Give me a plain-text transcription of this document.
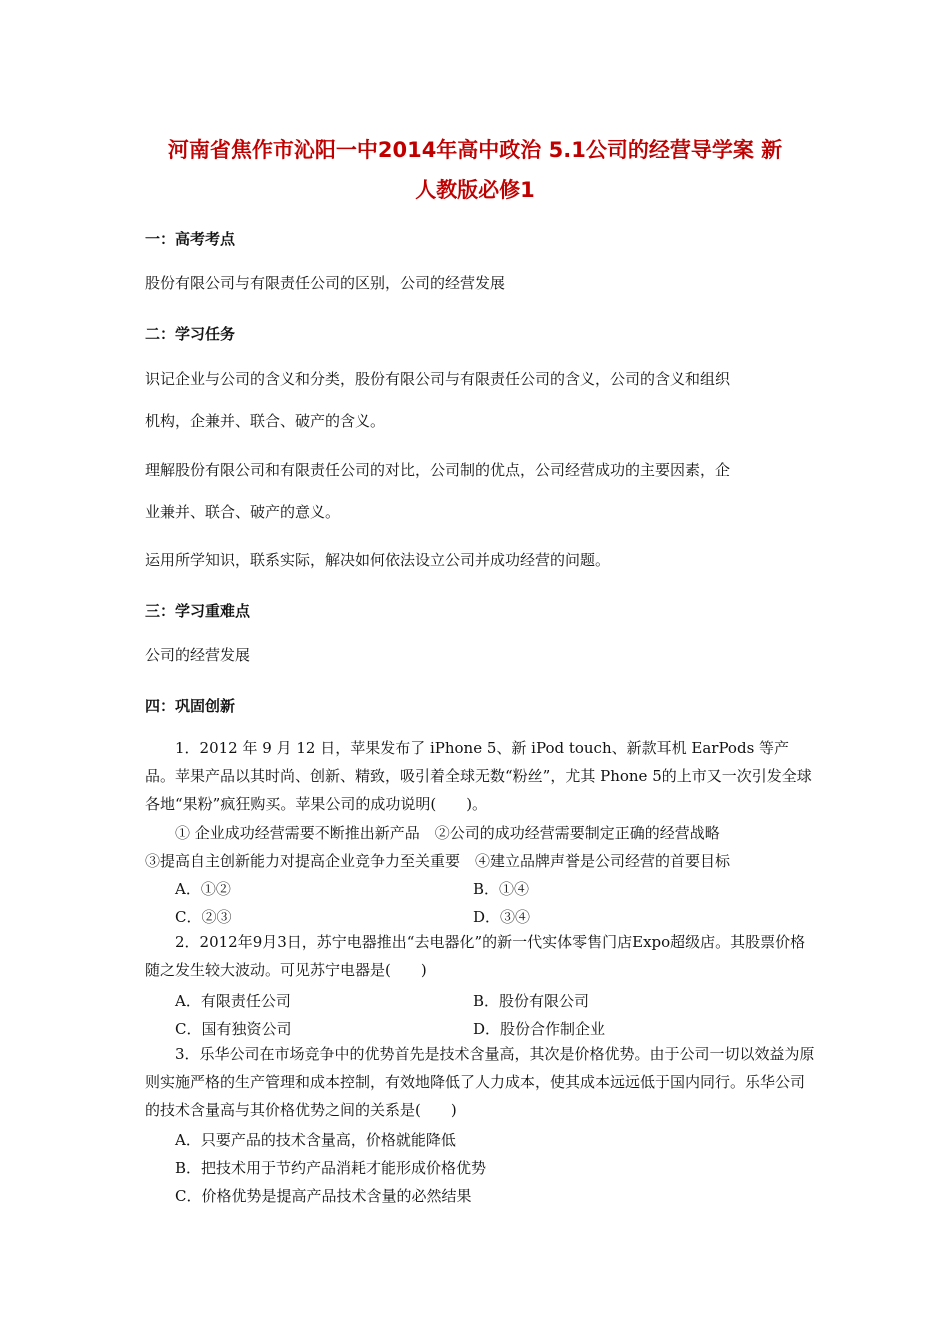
河南省焦作市沁阳一中2014年高中政治 5.1公司的经营导学案 新
人教版必修1
一：高考考点
股份有限公司与有限责任公司的区别，公司的经营发展
二：学习任务
识记企业与公司的含义和分类，股份有限公司与有限责任公司的含义，公司的含义和组织
机构，企兼并、联合、破产的含义。
理解股份有限公司和有限责任公司的对比，公司制的优点，公司经营成功的主要因素，企
业兼并、联合、破产的意义。
运用所学知识，联系实际，解决如何依法设立公司并成功经营的问题。
三：学习重难点
公司的经营发展
四：巩固创新
1．2012 年 9 月 12 日，苹果发布了 iPhone 5、新 iPod touch、新款耳机 EarPods 等产品。苹果产品以其时尚、创新、精致，吸引着全球无数“粉丝”，尤其 Phone 5的上市又一次引发全球各地“果粉”疯狂购买。苹果公司的成功说明(　　)。
① 企业成功经营需要不断推出新产品　②公司的成功经营需要制定正确的经营战略
③提高自主创新能力对提高企业竞争力至关重要　④建立品牌声誉是公司经营的首要目标
A．①②	B．①④
C．②③	D．③④
2．2012年9月3日，苏宁电器推出“去电器化”的新一代实体零售门店Expo超级店。其股票价格随之发生较大波动。可见苏宁电器是(　　)
A．有限责任公司	B．股份有限公司
C．国有独资公司	D．股份合作制企业
3．乐华公司在市场竞争中的优势首先是技术含量高，其次是价格优势。由于公司一切以效益为原则实施严格的生产管理和成本控制，有效地降低了人力成本，使其成本远远低于国内同行。乐华公司的技术含量高与其价格优势之间的关系是(　　)
A．只要产品的技术含量高，价格就能降低
B．把技术用于节约产品消耗才能形成价格优势
C．价格优势是提高产品技术含量的必然结果
